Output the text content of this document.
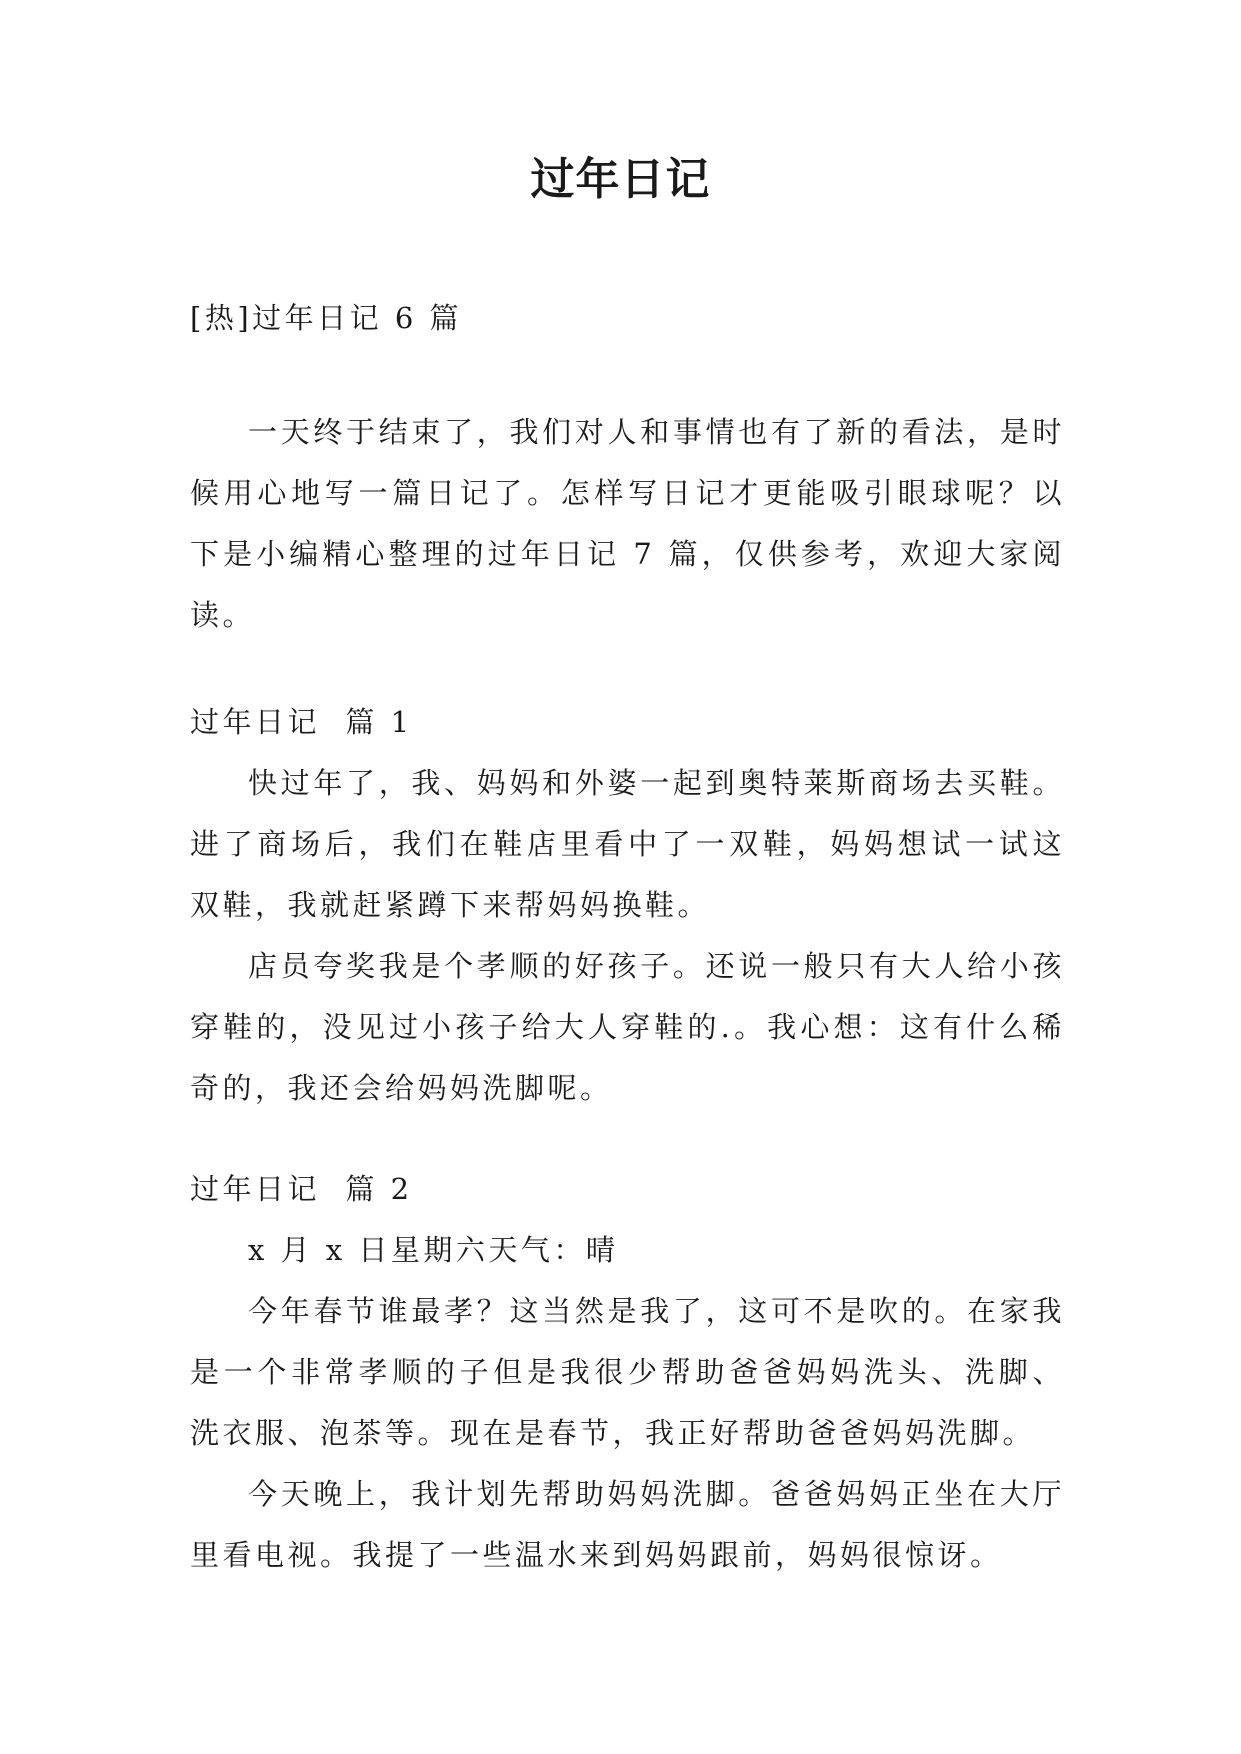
过年日记

[热]过年日记 6 篇

一天终于结束了，我们对人和事情也有了新的看法，是时候用心地写一篇日记了。怎样写日记才更能吸引眼球呢？以下是小编精心整理的过年日记 7 篇，仅供参考，欢迎大家阅读。

过年日记  篇 1

快过年了，我、妈妈和外婆一起到奥特莱斯商场去买鞋。进了商场后，我们在鞋店里看中了一双鞋，妈妈想试一试这双鞋，我就赶紧蹲下来帮妈妈换鞋。

店员夸奖我是个孝顺的好孩子。还说一般只有大人给小孩穿鞋的，没见过小孩子给大人穿鞋的.。我心想：这有什么稀奇的，我还会给妈妈洗脚呢。

过年日记  篇 2

x 月 x 日星期六天气：晴

今年春节谁最孝？这当然是我了，这可不是吹的。在家我是一个非常孝顺的子但是我很少帮助爸爸妈妈洗头、洗脚、洗衣服、泡茶等。现在是春节，我正好帮助爸爸妈妈洗脚。

今天晚上，我计划先帮助妈妈洗脚。爸爸妈妈正坐在大厅里看电视。我提了一些温水来到妈妈跟前，妈妈很惊讶。
